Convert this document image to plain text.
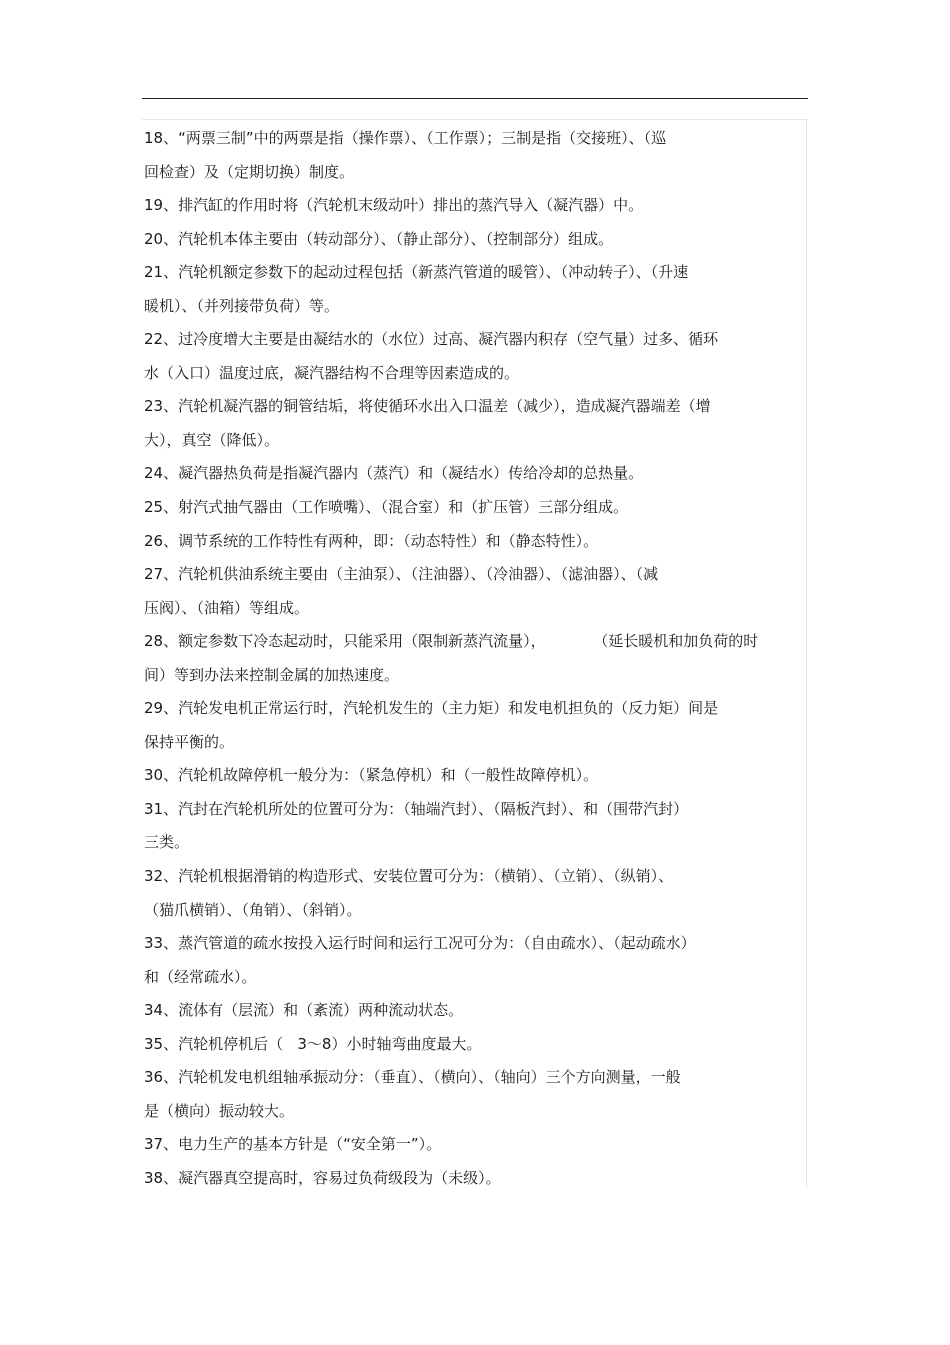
18、“两票三制”中的两票是指（操作票）、（工作票）；三制是指（交接班）、（巡
回检查）及（定期切换）制度。
19、排汽缸的作用时将（汽轮机末级动叶）排出的蒸汽导入（凝汽器）中。
20、汽轮机本体主要由（转动部分）、（静止部分）、（控制部分）组成。
21、汽轮机额定参数下的起动过程包括（新蒸汽管道的暖管）、（冲动转子）、（升速
暖机）、（并列接带负荷）等。
22、过冷度增大主要是由凝结水的（水位）过高、凝汽器内积存（空气量）过多、循环
水（入口）温度过底，凝汽器结构不合理等因素造成的。
23、汽轮机凝汽器的铜管结垢，将使循环水出入口温差（减少），造成凝汽器端差（增
大），真空（降低）。
24、凝汽器热负荷是指凝汽器内（蒸汽）和（凝结水）传给冷却的总热量。
25、射汽式抽气器由（工作喷嘴）、（混合室）和（扩压管）三部分组成。
26、调节系统的工作特性有两种，即：（动态特性）和（静态特性）。
27、汽轮机供油系统主要由（主油泵）、（注油器）、（冷油器）、（滤油器）、（减
压阀）、（油箱）等组成。
28、额定参数下冷态起动时，只能采用（限制新蒸汽流量），          （延长暖机和加负荷的时
间）等到办法来控制金属的加热速度。
29、汽轮发电机正常运行时，汽轮机发生的（主力矩）和发电机担负的（反力矩）间是
保持平衡的。
30、汽轮机故障停机一般分为：（紧急停机）和（一般性故障停机）。
31、汽封在汽轮机所处的位置可分为：（轴端汽封）、（隔板汽封）、和（围带汽封）
三类。
32、汽轮机根据滑销的构造形式、安装位置可分为：（横销）、（立销）、（纵销）、
（猫爪横销）、（角销）、（斜销）。
33、蒸汽管道的疏水按投入运行时间和运行工况可分为：（自由疏水）、（起动疏水）
和（经常疏水）。
34、流体有（层流）和（紊流）两种流动状态。
35、汽轮机停机后（   3～8）小时轴弯曲度最大。
36、汽轮机发电机组轴承振动分：（垂直）、（横向）、（轴向）三个方向测量，一般
是（横向）振动较大。
37、电力生产的基本方针是（“安全第一”）。
38、凝汽器真空提高时，容易过负荷级段为（未级）。
